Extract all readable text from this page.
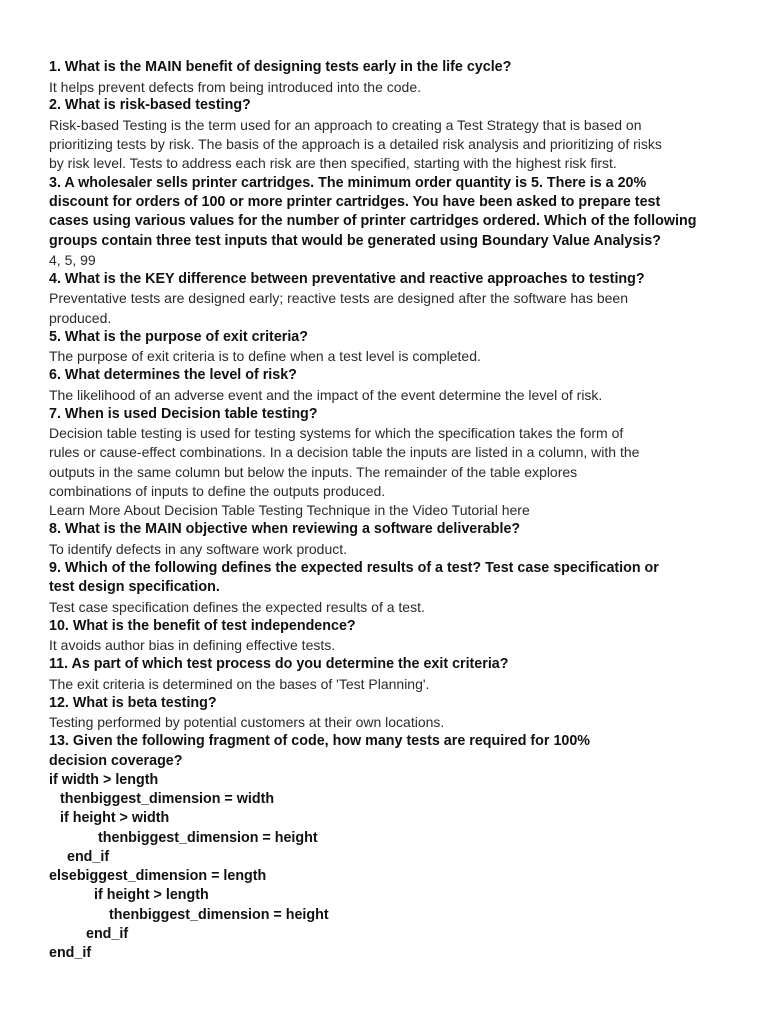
1. What is the MAIN benefit of designing tests early in the life cycle?
It helps prevent defects from being introduced into the code.
2. What is risk-based testing?
Risk-based Testing is the term used for an approach to creating a Test Strategy that is based on
prioritizing tests by risk. The basis of the approach is a detailed risk analysis and prioritizing of risks
by risk level. Tests to address each risk are then specified, starting with the highest risk first.
3. A wholesaler sells printer cartridges. The minimum order quantity is 5. There is a 20%
discount for orders of 100 or more printer cartridges. You have been asked to prepare test
cases using various values for the number of printer cartridges ordered. Which of the following
groups contain three test inputs that would be generated using Boundary Value Analysis?
4, 5, 99
4. What is the KEY difference between preventative and reactive approaches to testing?
Preventative tests are designed early; reactive tests are designed after the software has been
produced.
5. What is the purpose of exit criteria?
The purpose of exit criteria is to define when a test level is completed.
6. What determines the level of risk?
The likelihood of an adverse event and the impact of the event determine the level of risk.
7. When is used Decision table testing?
Decision table testing is used for testing systems for which the specification takes the form of
rules or cause-effect combinations. In a decision table the inputs are listed in a column, with the
outputs in the same column but below the inputs. The remainder of the table explores
combinations of inputs to define the outputs produced.
Learn More About Decision Table Testing Technique in the Video Tutorial here
8. What is the MAIN objective when reviewing a software deliverable?
To identify defects in any software work product.
9. Which of the following defines the expected results of a test? Test case specification or
test design specification.
Test case specification defines the expected results of a test.
10. What is the benefit of test independence?
It avoids author bias in defining effective tests.
11. As part of which test process do you determine the exit criteria?
The exit criteria is determined on the bases of 'Test Planning'.
12. What is beta testing?
Testing performed by potential customers at their own locations.
13. Given the following fragment of code, how many tests are required for 100%
decision coverage?
if width > length
thenbiggest_dimension = width
if height > width
thenbiggest_dimension = height
end_if
elsebiggest_dimension = length
if height > length
thenbiggest_dimension = height
end_if
end_if
